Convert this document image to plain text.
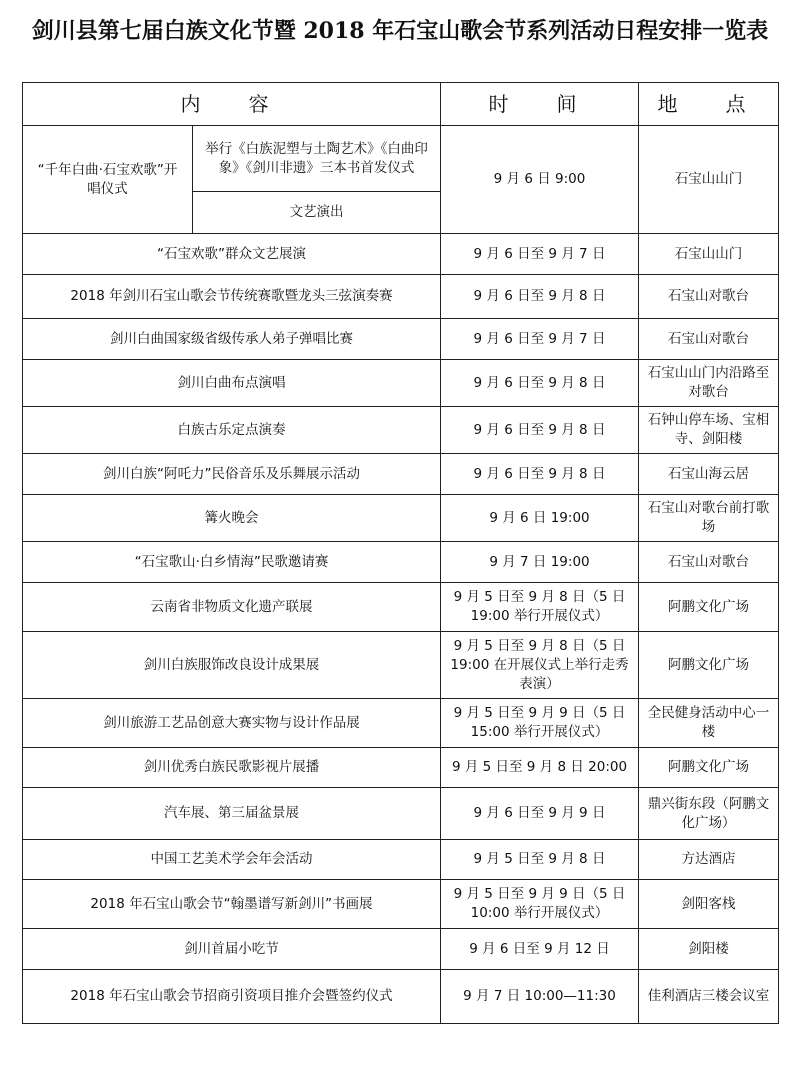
剑川县第七届白族文化节暨 2018 年石宝山歌会节系列活动日程安排一览表
内　容		时　间	地　点
“千年白曲·石宝欢歌”开唱仪式	举行《白族泥塑与土陶艺术》《白曲印象》《剑川非遗》三本书首发仪式	9 月 6 日 9:00	石宝山山门
	文艺演出		
“石宝欢歌”群众文艺展演		9 月 6 日至 9 月 7 日	石宝山山门
2018 年剑川石宝山歌会节传统赛歌暨龙头三弦演奏赛		9 月 6 日至 9 月 8 日	石宝山对歌台
剑川白曲国家级省级传承人弟子弹唱比赛		9 月 6 日至 9 月 7 日	石宝山对歌台
剑川白曲布点演唱		9 月 6 日至 9 月 8 日	石宝山山门内沿路至对歌台
白族古乐定点演奏		9 月 6 日至 9 月 8 日	石钟山停车场、宝相寺、剑阳楼
剑川白族“阿吒力”民俗音乐及乐舞展示活动		9 月 6 日至 9 月 8 日	石宝山海云居
篝火晚会		9 月 6 日 19:00	石宝山对歌台前打歌场
“石宝歌山·白乡情海”民歌邀请赛		9 月 7 日 19:00	石宝山对歌台
云南省非物质文化遗产联展		9 月 5 日至 9 月 8 日（5 日 19:00 举行开展仪式）	阿鹏文化广场
剑川白族服饰改良设计成果展		9 月 5 日至 9 月 8 日（5 日 19:00 在开展仪式上举行走秀表演）	阿鹏文化广场
剑川旅游工艺品创意大赛实物与设计作品展		9 月 5 日至 9 月 9 日（5 日 15:00 举行开展仪式）	全民健身活动中心一楼
剑川优秀白族民歌影视片展播		9 月 5 日至 9 月 8 日 20:00	阿鹏文化广场
汽车展、第三届盆景展		9 月 6 日至 9 月 9 日	鼎兴街东段（阿鹏文化广场）
中国工艺美术学会年会活动		9 月 5 日至 9 月 8 日	方达酒店
2018 年石宝山歌会节“翰墨谱写新剑川”书画展		9 月 5 日至 9 月 9 日（5 日 10:00 举行开展仪式）	剑阳客栈
剑川首届小吃节		9 月 6 日至 9 月 12 日	剑阳楼
2018 年石宝山歌会节招商引资项目推介会暨签约仪式		9 月 7 日 10:00—11:30	佳利酒店三楼会议室
